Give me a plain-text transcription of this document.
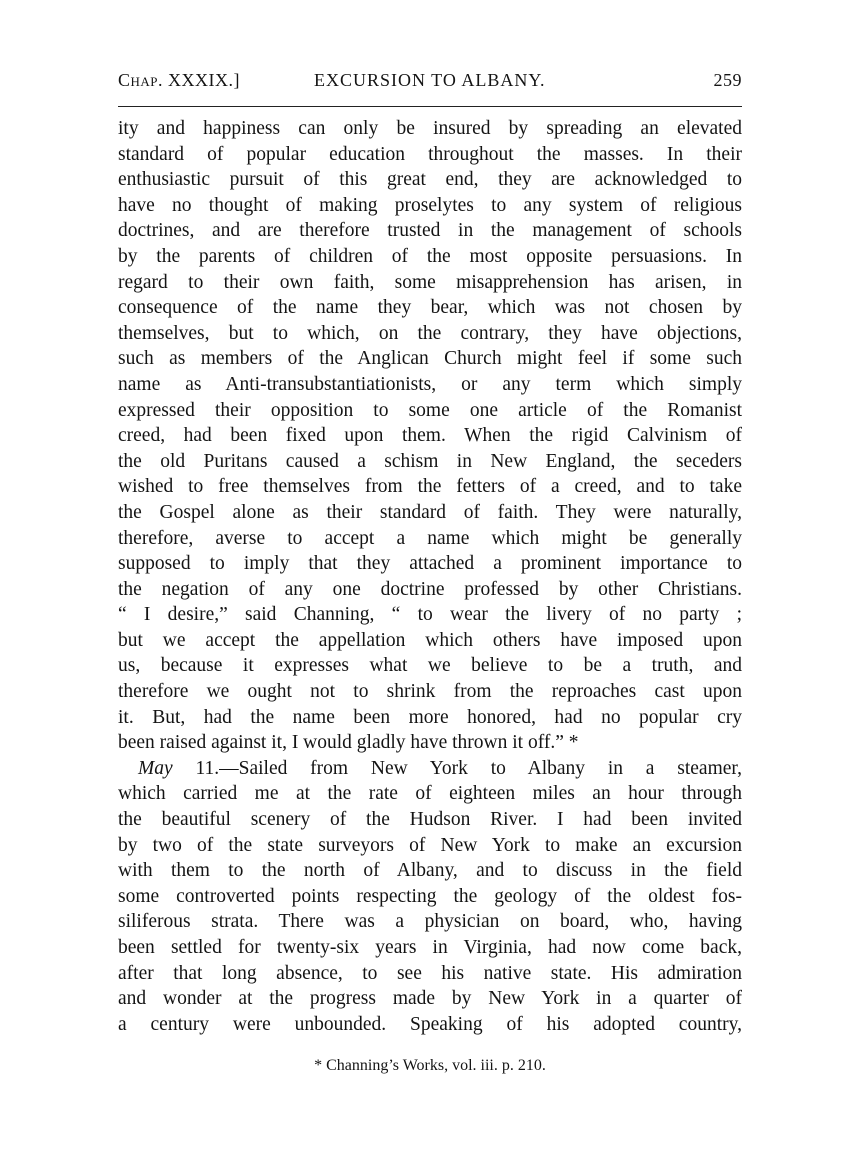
Chap. XXXIX.]	EXCURSION TO ALBANY.	259
ity and happiness can only be insured by spreading an elevated
standard of popular education throughout the masses. In their
enthusiastic pursuit of this great end, they are acknowledged to
have no thought of making proselytes to any system of religious
doctrines, and are therefore trusted in the management of schools
by the parents of children of the most opposite persuasions. In
regard to their own faith, some misapprehension has arisen, in
consequence of the name they bear, which was not chosen by
themselves, but to which, on the contrary, they have objections,
such as members of the Anglican Church might feel if some such
name as Anti-transubstantiationists, or any term which simply
expressed their opposition to some one article of the Romanist
creed, had been fixed upon them. When the rigid Calvinism of
the old Puritans caused a schism in New England, the seceders
wished to free themselves from the fetters of a creed, and to take
the Gospel alone as their standard of faith. They were naturally,
therefore, averse to accept a name which might be generally
supposed to imply that they attached a prominent importance to
the negation of any one doctrine professed by other Christians.
“ I desire,” said Channing, “ to wear the livery of no party ;
but we accept the appellation which others have imposed upon
us, because it expresses what we believe to be a truth, and
therefore we ought not to shrink from the reproaches cast upon
it. But, had the name been more honored, had no popular cry
been raised against it, I would gladly have thrown it off.” *
May 11.—Sailed from New York to Albany in a steamer,
which carried me at the rate of eighteen miles an hour through
the beautiful scenery of the Hudson River. I had been invited
by two of the state surveyors of New York to make an excursion
with them to the north of Albany, and to discuss in the field
some controverted points respecting the geology of the oldest fos-
siliferous strata. There was a physician on board, who, having
been settled for twenty-six years in Virginia, had now come back,
after that long absence, to see his native state. His admiration
and wonder at the progress made by New York in a quarter of
a century were unbounded. Speaking of his adopted country,
* Channing’s Works, vol. iii. p. 210.
